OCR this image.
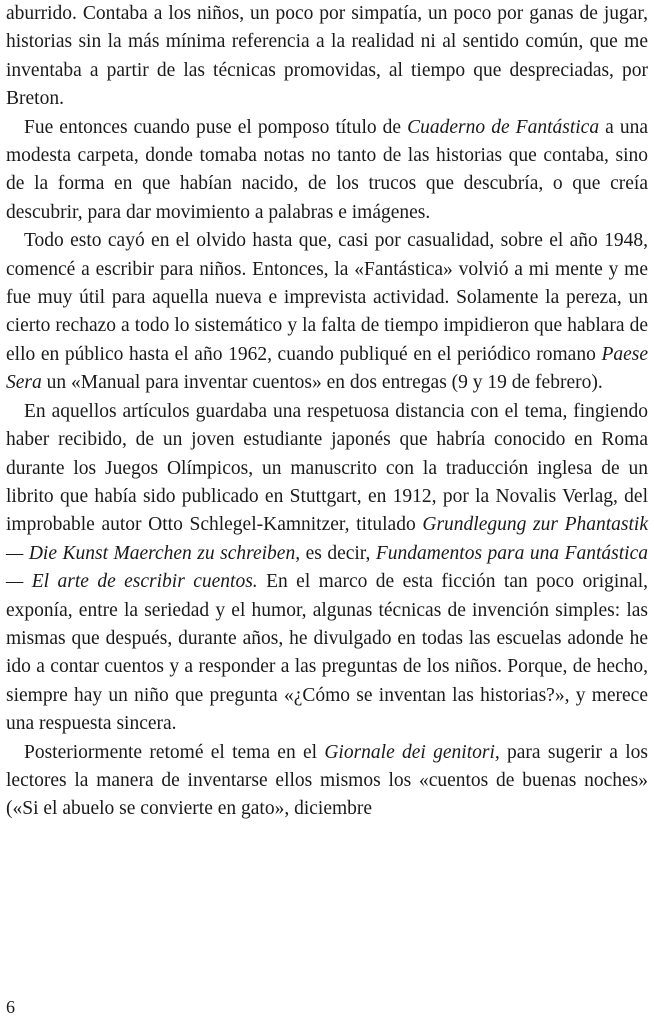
aburrido. Contaba a los niños, un poco por simpatía, un poco por ganas de jugar, historias sin la más mínima referencia a la realidad ni al sentido común, que me inventaba a partir de las técnicas promovidas, al tiempo que despreciadas, por Breton.

Fue entonces cuando puse el pomposo título de Cuaderno de Fantástica a una modesta carpeta, donde tomaba notas no tanto de las historias que contaba, sino de la forma en que habían nacido, de los trucos que descubría, o que creía descubrir, para dar movimiento a palabras e imágenes.

Todo esto cayó en el olvido hasta que, casi por casualidad, sobre el año 1948, comencé a escribir para niños. Entonces, la «Fantástica» volvió a mi mente y me fue muy útil para aquella nueva e imprevista actividad. Solamente la pereza, un cierto rechazo a todo lo sistemático y la falta de tiempo impidieron que hablara de ello en público hasta el año 1962, cuando publiqué en el periódico romano Paese Sera un «Manual para inventar cuentos» en dos entregas (9 y 19 de febrero).

En aquellos artículos guardaba una respetuosa distancia con el tema, fingiendo haber recibido, de un joven estudiante japonés que habría conocido en Roma durante los Juegos Olímpicos, un manuscrito con la traducción inglesa de un librito que había sido publicado en Stuttgart, en 1912, por la Novalis Verlag, del improbable autor Otto Schlegel-Kamnitzer, titulado Grundlegung zur Phantastik — Die Kunst Maerchen zu schreiben, es decir, Fundamentos para una Fantástica — El arte de escribir cuentos. En el marco de esta ficción tan poco original, exponía, entre la seriedad y el humor, algunas técnicas de invención simples: las mismas que después, durante años, he divulgado en todas las escuelas adonde he ido a contar cuentos y a responder a las preguntas de los niños. Porque, de hecho, siempre hay un niño que pregunta «¿Cómo se inventan las historias?», y merece una respuesta sincera.

Posteriormente retomé el tema en el Giornale dei genitori, para sugerir a los lectores la manera de inventarse ellos mismos los «cuentos de buenas noches» («Si el abuelo se convierte en gato», diciembre

6
